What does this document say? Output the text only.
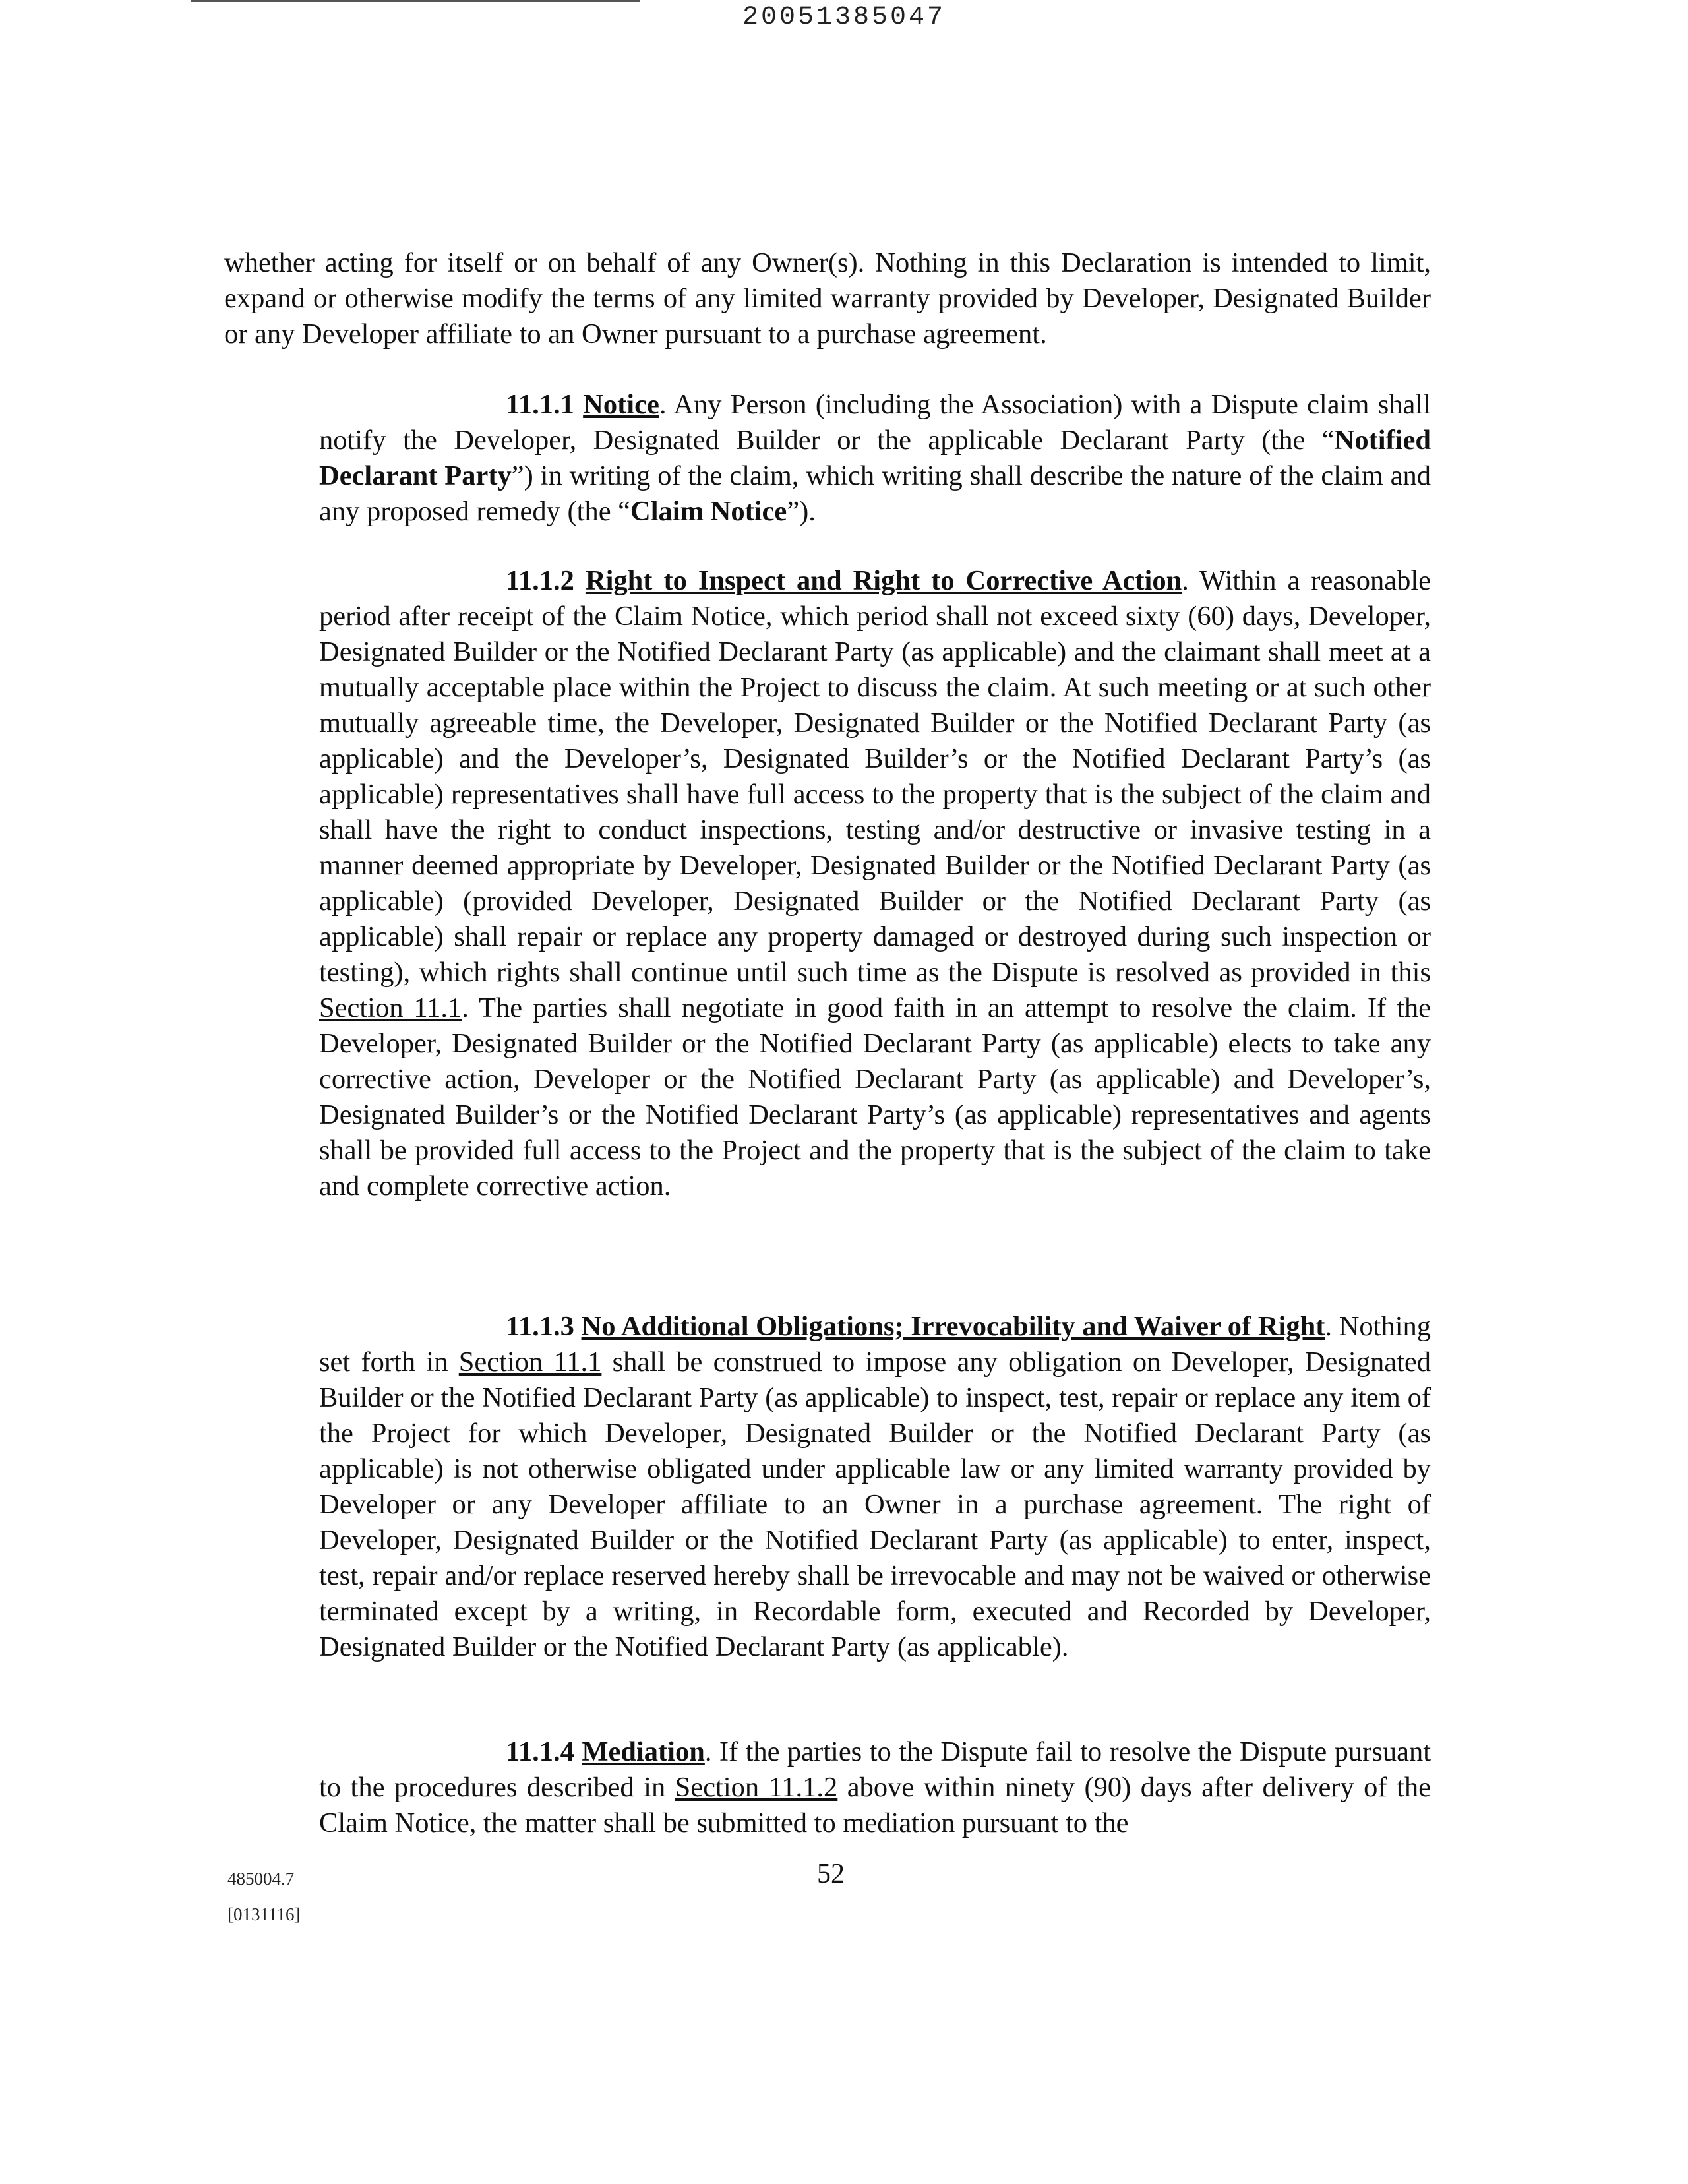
20051385047

whether acting for itself or on behalf of any Owner(s). Nothing in this Declaration is intended to limit, expand or otherwise modify the terms of any limited warranty provided by Developer, Designated Builder or any Developer affiliate to an Owner pursuant to a purchase agreement.

11.1.1 Notice. Any Person (including the Association) with a Dispute claim shall notify the Developer, Designated Builder or the applicable Declarant Party (the “Notified Declarant Party”) in writing of the claim, which writing shall describe the nature of the claim and any proposed remedy (the “Claim Notice”).

11.1.2 Right to Inspect and Right to Corrective Action. Within a reasonable period after receipt of the Claim Notice, which period shall not exceed sixty (60) days, Developer, Designated Builder or the Notified Declarant Party (as applicable) and the claimant shall meet at a mutually acceptable place within the Project to discuss the claim. At such meeting or at such other mutually agreeable time, the Developer, Designated Builder or the Notified Declarant Party (as applicable) and the Developer’s, Designated Builder’s or the Notified Declarant Party’s (as applicable) representatives shall have full access to the property that is the subject of the claim and shall have the right to conduct inspections, testing and/or destructive or invasive testing in a manner deemed appropriate by Developer, Designated Builder or the Notified Declarant Party (as applicable) (provided Developer, Designated Builder or the Notified Declarant Party (as applicable) shall repair or replace any property damaged or destroyed during such inspection or testing), which rights shall continue until such time as the Dispute is resolved as provided in this Section 11.1. The parties shall negotiate in good faith in an attempt to resolve the claim. If the Developer, Designated Builder or the Notified Declarant Party (as applicable) elects to take any corrective action, Developer or the Notified Declarant Party (as applicable) and Developer’s, Designated Builder’s or the Notified Declarant Party’s (as applicable) representatives and agents shall be provided full access to the Project and the property that is the subject of the claim to take and complete corrective action.

11.1.3 No Additional Obligations; Irrevocability and Waiver of Right. Nothing set forth in Section 11.1 shall be construed to impose any obligation on Developer, Designated Builder or the Notified Declarant Party (as applicable) to inspect, test, repair or replace any item of the Project for which Developer, Designated Builder or the Notified Declarant Party (as applicable) is not otherwise obligated under applicable law or any limited warranty provided by Developer or any Developer affiliate to an Owner in a purchase agreement. The right of Developer, Designated Builder or the Notified Declarant Party (as applicable) to enter, inspect, test, repair and/or replace reserved hereby shall be irrevocable and may not be waived or otherwise terminated except by a writing, in Recordable form, executed and Recorded by Developer, Designated Builder or the Notified Declarant Party (as applicable).

11.1.4 Mediation. If the parties to the Dispute fail to resolve the Dispute pursuant to the procedures described in Section 11.1.2 above within ninety (90) days after delivery of the Claim Notice, the matter shall be submitted to mediation pursuant to the

485004.7
[0131116]
52
